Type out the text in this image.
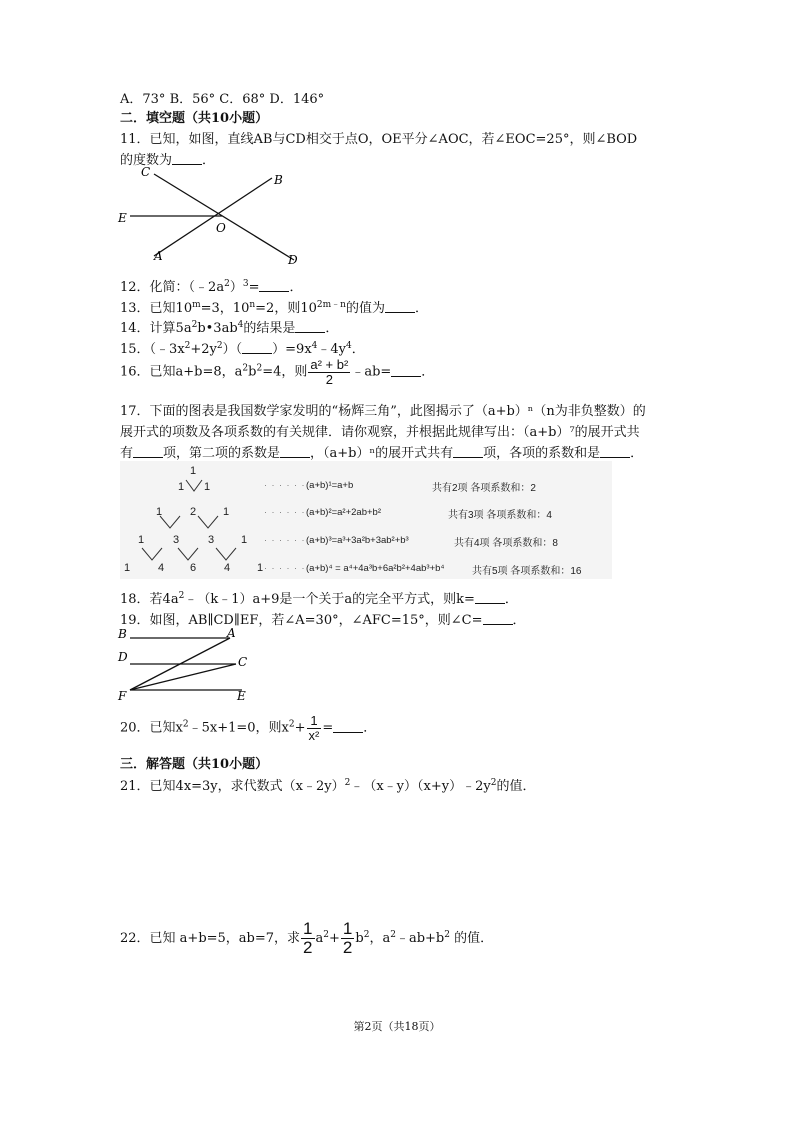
A．73° B．56° C．68° D．146°
二．填空题（共10小题）
11．已知，如图，直线AB与CD相交于点O，OE平分∠AOC，若∠EOC=25°，则∠BOD
的度数为 ．
C
B
E
O
A	D
12．化简：$(﹣2a^2)^3=$ ．
13．已知$10^m=3$，$10^n=2$，则$10^{2m﹣n}$的值为 ．
14．计算$5a^2b•3ab^4$的结果是 ．
15．$(﹣3x^2+2y^2)$（ ）$=9x^4﹣4y^4$．
16．已知a+b=8，$a^2b^2=4$，则 $\frac{\text{a² + b²}}{2}$ ﹣ab= ．
17．下面的图表是我国数学家发明的“杨辉三角”，此图揭示了（a+b）ⁿ（n为非负整数）的
展开式的项数及各项系数的有关规律．请你观察，并根据此规律写出：（a+b）⁷的展开式共
有 项，第二项的系数是 ，（a+b）ⁿ的展开式共有 项，各项的系数和是 ．
1
1 1
1	2 1
1	3	3 1
1	4 6	4 1
· · · · · · · ·
· · · · · · · ·
· · · · · · · ·
· · · · · · · ·
(a+b)¹=a+b
(a+b)²=a²+2ab+b²
(a+b)³=a³+3a²b+3ab²+b³
(a+b)⁴ = a⁴+4a³b+6a²b²+4ab³+b⁴
共有2项 各项系数和：2
共有3项 各项系数和：4
共有4项 各项系数和：8
共有5项 各项系数和：16
18．若$4a^2﹣(k﹣1)a+9$是一个关于a的完全平方式，则k= ．
19．如图，AB∥CD∥EF，若∠A=30°，∠AFC=15°，则∠C= ．
B	A
D	C
F	E
20．已知$x^2﹣5x+1=0$，则$x^2+ \frac{1}{\text{x²}}$ = ．
三．解答题（共10小题）
21．已知4x=3y，求代数式$(x﹣2y)^2﹣(x﹣y)(x+y)﹣2y^2$的值．
22．已知 a+b=5，ab=7，求 $\frac{1}{2} a^2+ \frac{1}{2} b^2$，$a^2﹣ab+b^2$ 的值．
第2页（共18页）
